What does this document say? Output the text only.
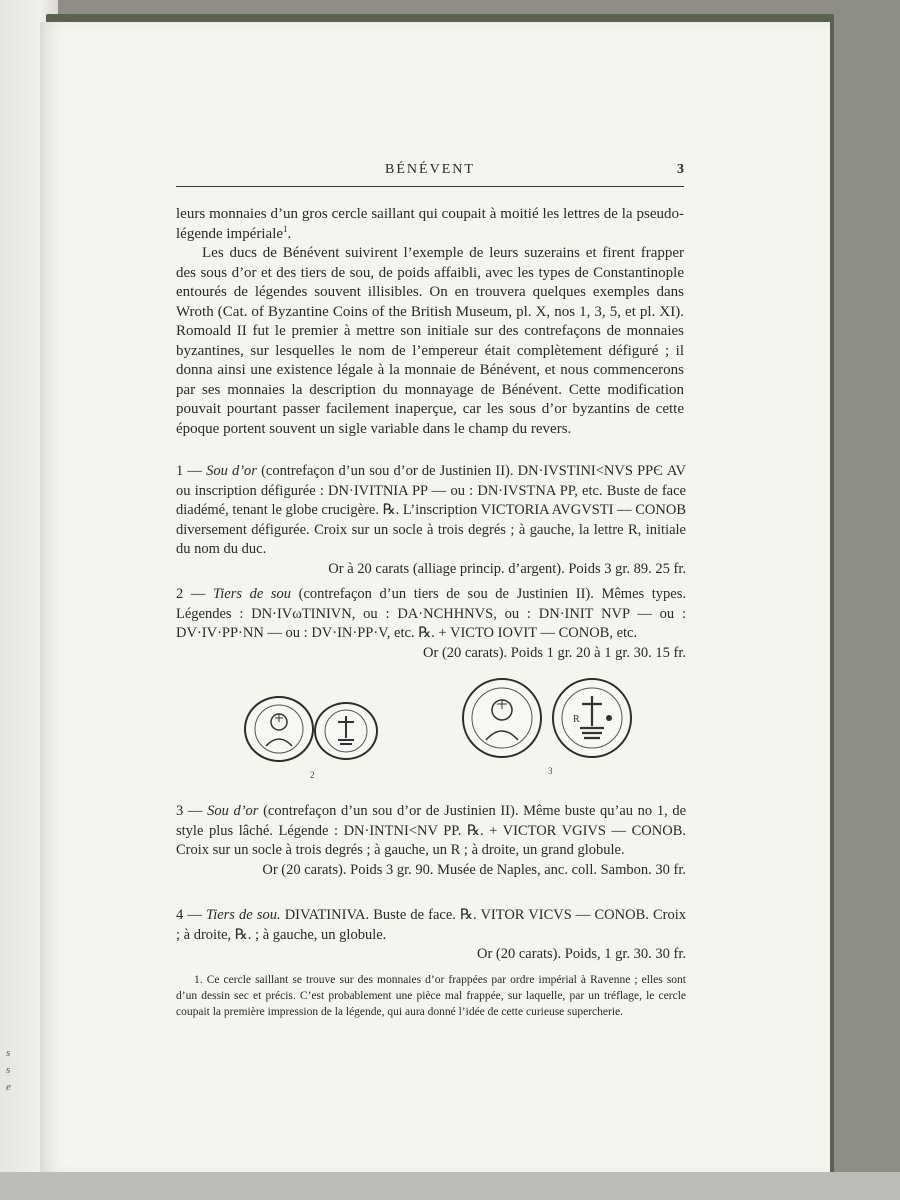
s
s
e
BÉNÉVENT	3

leurs monnaies d’un gros cercle saillant qui coupait à moitié les lettres de la pseudo-légende impériale$^1$.

Les ducs de Bénévent suivirent l’exemple de leurs suzerains et firent frapper des sous d’or et des tiers de sou, de poids affaibli, avec les types de Constantinople entourés de légendes souvent illisibles. On en trouvera quelques exemples dans Wroth (Cat. of Byzantine Coins of the British Museum, pl. X, nos 1, 3, 5, et pl. XI). Romoald II fut le premier à mettre son initiale sur des contrefaçons de monnaies byzantines, sur lesquelles le nom de l’empereur était complètement défiguré ; il donna ainsi une existence légale à la monnaie de Bénévent, et nous commencerons par ses monnaies la description du monnayage de Bénévent. Cette modification pouvait pourtant passer facilement inaperçue, car les sous d’or byzantins de cette époque portent souvent un sigle variable dans le champ du revers.

1 — Sou d’or (contrefaçon d’un sou d’or de Justinien II). DN·IVSTINI<NVS PPЄ AV ou inscription défigurée : DN·IVITNIA PP — ou : DN·IVSTNA PP, etc. Buste de face diadémé, tenant le globe crucigère. ℞. L’inscription VICTORIA AVGVSTI — CONOB diversement défigurée. Croix sur un socle à trois degrés ; à gauche, la lettre R, initiale du nom du duc.
Or à 20 carats (alliage princip. d’argent). Poids 3 gr. 89. 25 fr.
2 — Tiers de sou (contrefaçon d’un tiers de sou de Justinien II). Mêmes types. Légendes : DN·IVωTINIVN, ou : DA·NCHHNVS, ou : DN·INIT NVP — ou : DV·IV·PP·NN — ou : DV·IN·PP·V, etc. ℞. + VICTO IOVIT — CONOB, etc.
Or (20 carats). Poids 1 gr. 20 à 1 gr. 30. 15 fr.
2
R
3
3 — Sou d’or (contrefaçon d’un sou d’or de Justinien II). Même buste qu’au no 1, de style plus lâché. Légende : DN·INTNI<NV PP. ℞. + VICTOR VGIVS — CONOB. Croix sur un socle à trois degrés ; à gauche, un R ; à droite, un grand globule.
Or (20 carats). Poids 3 gr. 90. Musée de Naples, anc. coll. Sambon. 30 fr.
4 — Tiers de sou. DIVATINIVA. Buste de face. ℞. VITOR VICVS — CONOB. Croix ; à droite, ℞. ; à gauche, un globule.
Or (20 carats). Poids, 1 gr. 30. 30 fr.

1. Ce cercle saillant se trouve sur des monnaies d’or frappées par ordre impérial à Ravenne ; elles sont d’un dessin sec et précis. C’est probablement une pièce mal frappée, sur laquelle, par un tréflage, le cercle coupait la première impression de la légende, qui aura donné l’idée de cette curieuse supercherie.
